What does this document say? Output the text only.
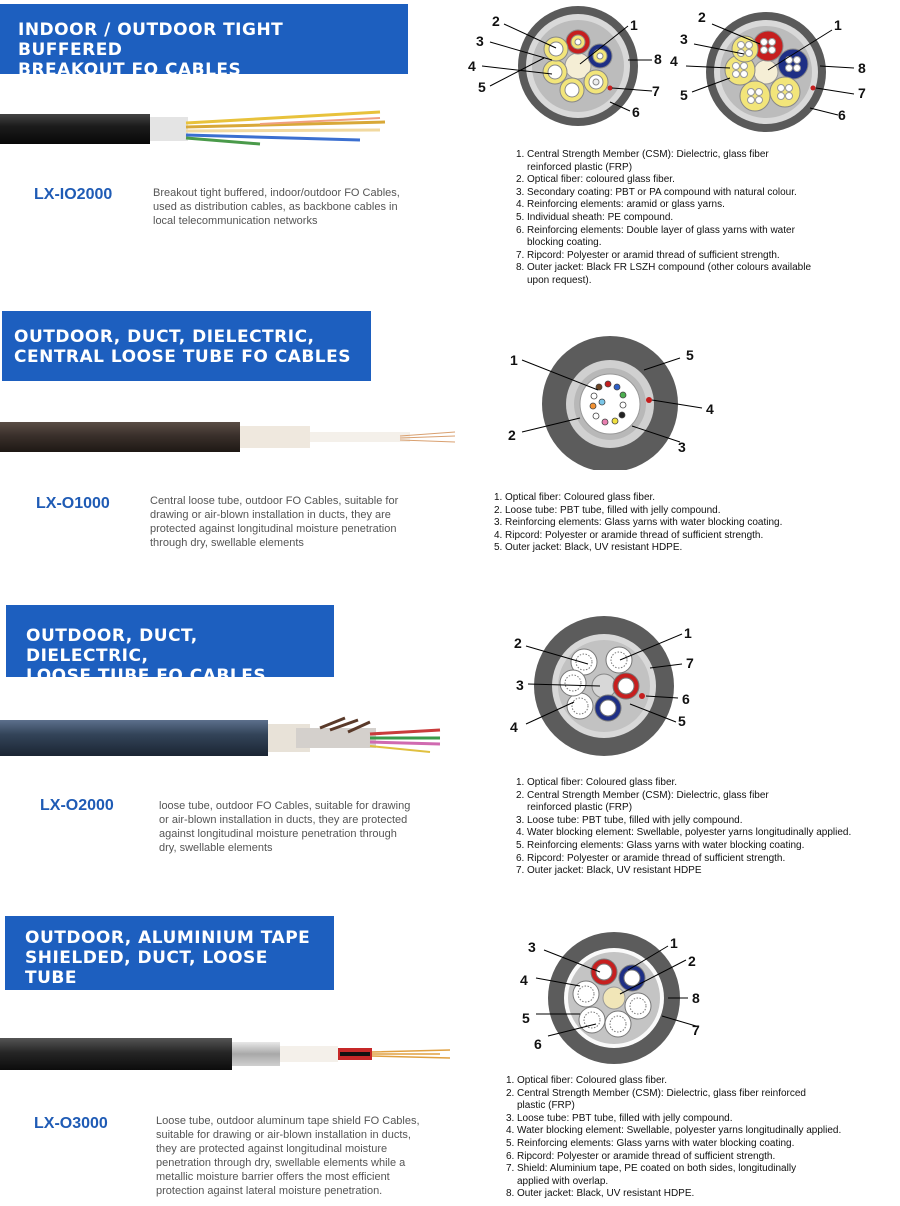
INDOOR / OUTDOOR TIGHT BUFFERED
BREAKOUT FO CABLES
LX-IO2000	Breakout tight buffered, indoor/outdoor FO Cables,
used as distribution cables, as backbone cables in
local telecommunication networks
1
2
3
4
5
6
7
8
1
2
3
4
5
6
7
8
1. Central Strength Member (CSM): Dielectric, glass fiber
reinforced plastic (FRP)
2. Optical fiber: coloured glass fiber.
3. Secondary coating: PBT or PA compound with natural colour.
4. Reinforcing elements: aramid or glass yarns.
5. Individual sheath: PE compound.
6. Reinforcing elements: Double layer of glass yarns with water
blocking coating.
7. Ripcord: Polyester or aramid thread of sufficient strength.
8. Outer jacket: Black FR LSZH compound (other colours available
upon request).
OUTDOOR, DUCT, DIELECTRIC,
CENTRAL LOOSE TUBE FO CABLES
LX-O1000	Central loose tube, outdoor FO Cables, suitable for
drawing or air-blown installation in ducts, they are
protected against longitudinal moisture penetration
through dry, swellable elements
1
2
3
4
5
1. Optical fiber: Coloured glass fiber.
2. Loose tube: PBT tube, filled with jelly compound.
3. Reinforcing elements: Glass yarns with water blocking coating.
4. Ripcord: Polyester or aramide thread of sufficient strength.
5. Outer jacket: Black, UV resistant HDPE.
OUTDOOR, DUCT, DIELECTRIC,
LOOSE TUBE FO CABLES
LX-O2000	loose tube, outdoor FO Cables, suitable for drawing
or air-blown installation in ducts, they are protected
against longitudinal moisture penetration through
dry, swellable elements
1
2
3
4	5
6
7
1. Optical fiber: Coloured glass fiber.
2. Central Strength Member (CSM): Dielectric, glass fiber
reinforced plastic (FRP)
3. Loose tube: PBT tube, filled with jelly compound.
4. Water blocking element: Swellable, polyester yarns longitudinally applied.
5. Reinforcing elements: Glass yarns with water blocking coating.
6. Ripcord: Polyester or aramide thread of sufficient strength.
7. Outer jacket: Black, UV resistant HDPE
OUTDOOR, ALUMINIUM TAPE
SHIELDED, DUCT, LOOSE TUBE
FO CABLES
LX-O3000	Loose tube, outdoor aluminum tape shield FO Cables,
suitable for drawing or air-blown installation in ducts,
they are protected against longitudinal moisture
penetration through dry, swellable elements while a
metallic moisture barrier offers the most efficient
protection against lateral moisture penetration.
1
2
3
4
5
6
7
8
1. Optical fiber: Coloured glass fiber.
2. Central Strength Member (CSM): Dielectric, glass fiber reinforced
plastic (FRP)
3. Loose tube: PBT tube, filled with jelly compound.
4. Water blocking element: Swellable, polyester yarns longitudinally applied.
5. Reinforcing elements: Glass yarns with water blocking coating.
6. Ripcord: Polyester or aramide thread of sufficient strength.
7. Shield: Aluminium tape, PE coated on both sides, longitudinally
applied with overlap.
8. Outer jacket: Black, UV resistant HDPE.
